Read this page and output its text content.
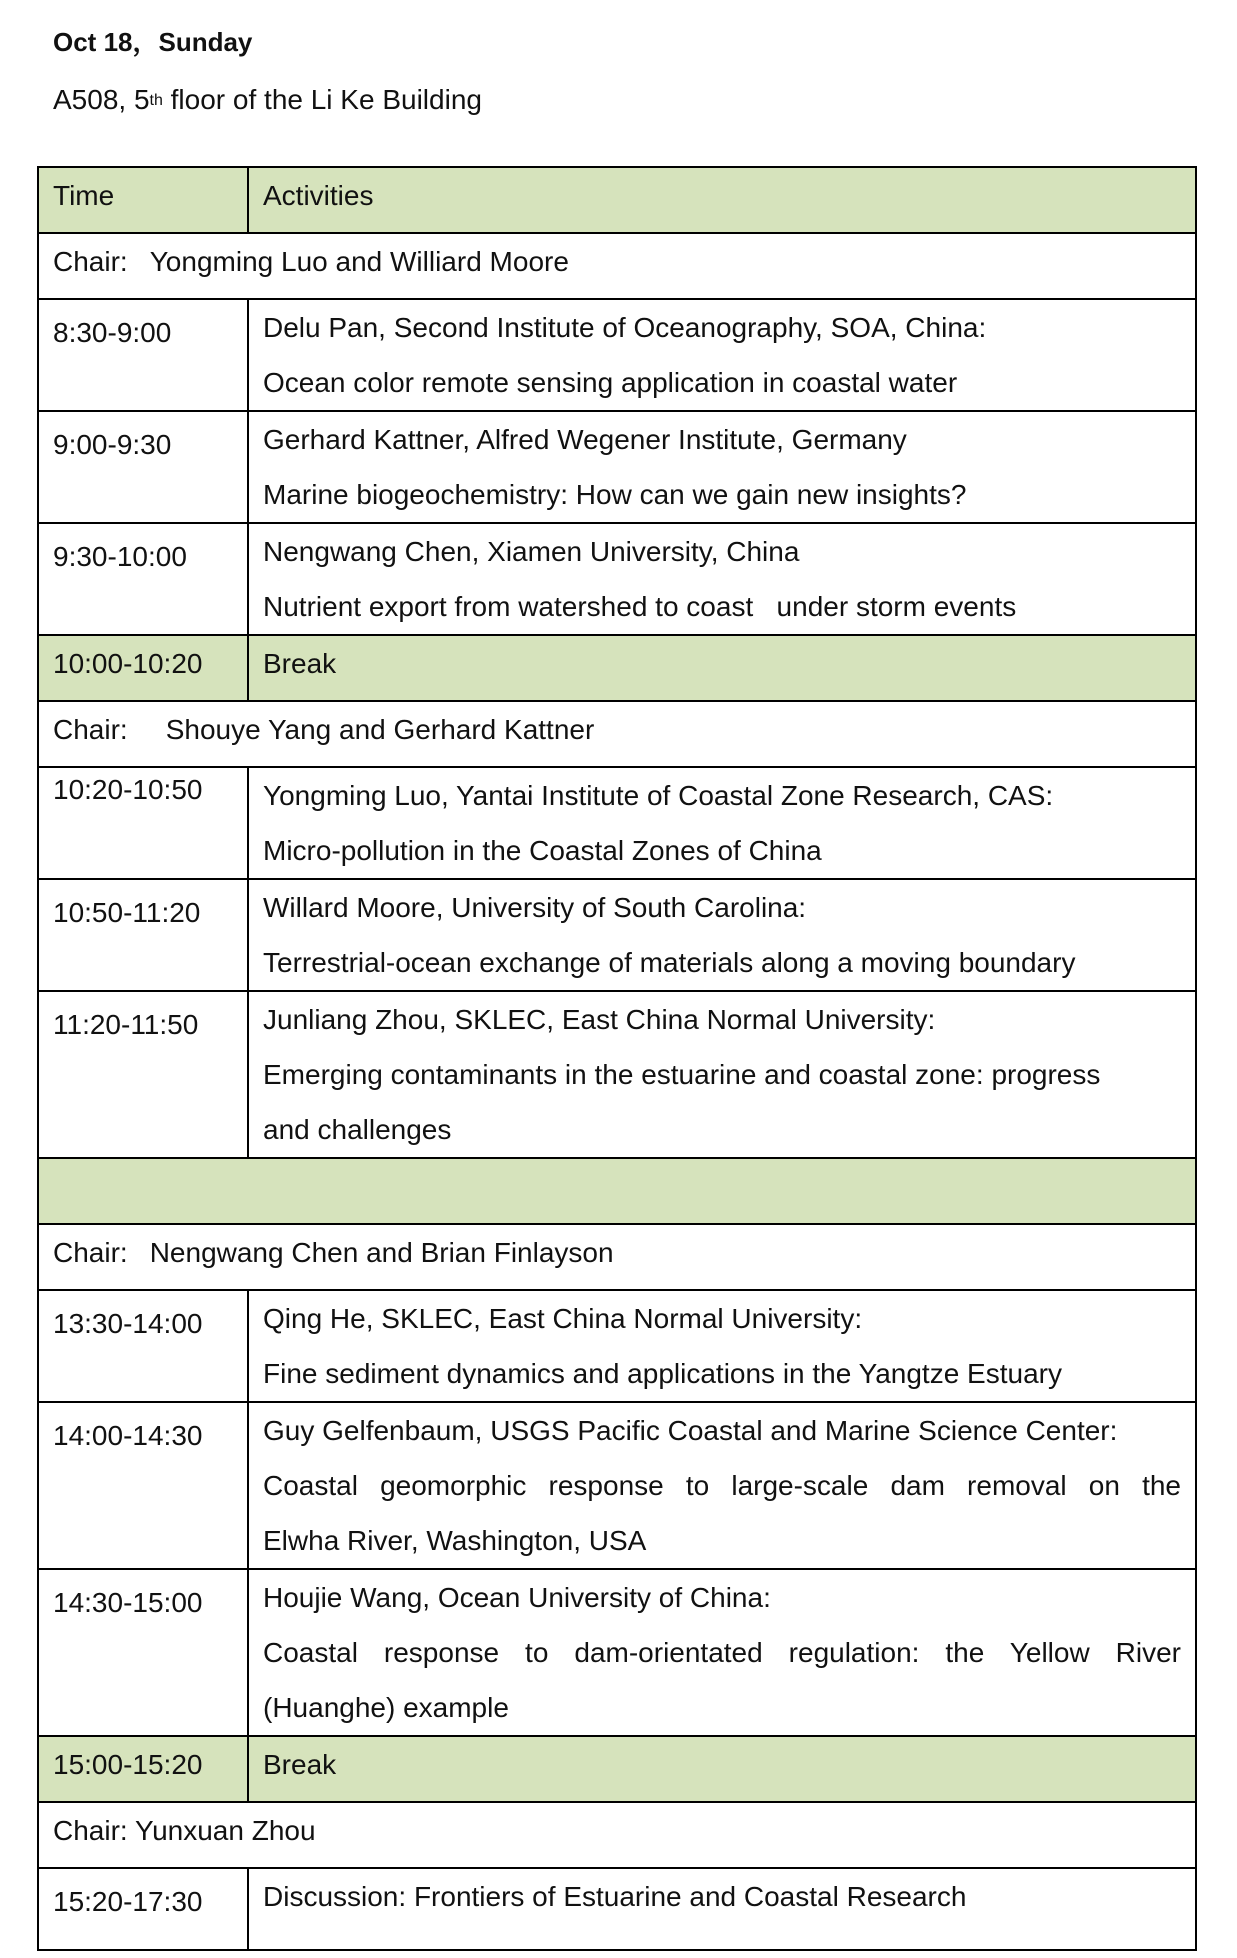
Oct 18，Sunday
A508, 5th floor of the Li Ke Building
Time	Activities

Chair: Yongming Luo and Williard Moore	

8:30-9:00	Delu Pan, Second Institute of Oceanography, SOA, China:
Ocean color remote sensing application in coastal water

9:00-9:30	Gerhard Kattner, Alfred Wegener Institute, Germany
Marine biogeochemistry: How can we gain new insights?

9:30-10:00	Nengwang Chen, Xiamen University, China
Nutrient export from watershed to coast   under storm events

10:00-10:20	Break

Chair: Shouye Yang and Gerhard Kattner	

10:20-10:50	Yongming Luo, Yantai Institute of Coastal Zone Research, CAS:
Micro-pollution in the Coastal Zones of China

10:50-11:20	Willard Moore, University of South Carolina:
Terrestrial-ocean exchange of materials along a moving boundary

11:20-11:50	Junliang Zhou, SKLEC, East China Normal University:
Emerging contaminants in the estuarine and coastal zone: progress
and challenges

Chair: Nengwang Chen and Brian Finlayson	

13:30-14:00	Qing He, SKLEC, East China Normal University:
Fine sediment dynamics and applications in the Yangtze Estuary

14:00-14:30	Guy Gelfenbaum, USGS Pacific Coastal and Marine Science Center:
Coastal geomorphic response to large-scale dam removal on the
Elwha River, Washington, USA

14:30-15:00	Houjie Wang, Ocean University of China:
Coastal response to dam-orientated regulation: the Yellow River
(Huanghe) example

15:00-15:20	Break

Chair: Yunxuan Zhou	

15:20-17:30	Discussion: Frontiers of Estuarine and Coastal Research
